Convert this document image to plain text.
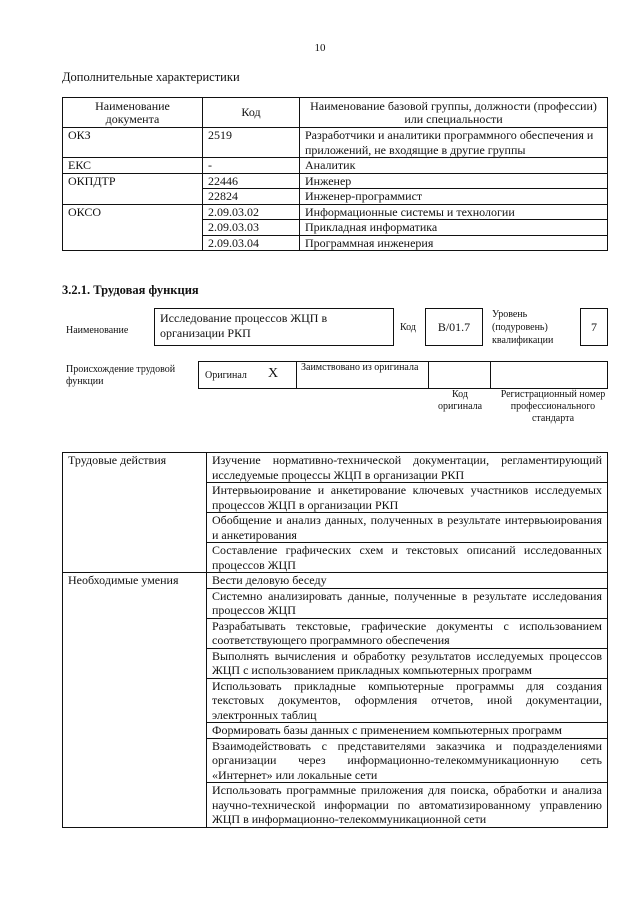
10
Дополнительные характеристики
Наименование документа	Код	Наименование базовой группы, должности (профессии) или специальности
ОКЗ	2519	Разработчики и аналитики программного обеспечения и приложений, не входящие в другие группы
ЕКС	-	Аналитик
ОКПДТР	22446	Инженер
	22824	Инженер-программист
ОКСО	2.09.03.02	Информационные системы и технологии
	2.09.03.03	Прикладная информатика
	2.09.03.04	Программная инженерия
3.2.1. Трудовая функция
Наименование
Исследование процессов ЖЦП в организации РКП	Код	B/01.7
Уровень (подуровень) квалификации
7
Происхождение трудовой функции
Оригинал Х Заимствовано из оригинала
Код оригинала
Регистрационный номер профессионального стандарта
Трудовые действия	Изучение нормативно-технической документации, регламентирующий исследуемые процессы ЖЦП в организации РКП
	Интервьюирование и анкетирование ключевых участников исследуемых процессов ЖЦП в организации РКП
	Обобщение и анализ данных, полученных в результате интервьюирования и анкетирования
	Составление графических схем и текстовых описаний исследованных процессов ЖЦП
Необходимые умения	Вести деловую беседу
	Системно анализировать данные, полученные в результате исследования процессов ЖЦП
	Разрабатывать текстовые, графические документы с использованием соответствующего программного обеспечения
	Выполнять вычисления и обработку результатов исследуемых процессов ЖЦП с использованием прикладных компьютерных программ
	Использовать прикладные компьютерные программы для создания текстовых документов, оформления отчетов, иной документации, электронных таблиц
	Формировать базы данных с применением компьютерных программ
	Взаимодействовать с представителями заказчика и подразделениями организации через информационно-телекоммуникационную сеть «Интернет» или локальные сети
	Использовать программные приложения для поиска, обработки и анализа научно-технической информации по автоматизированному управлению ЖЦП в информационно-телекоммуникационной сети
